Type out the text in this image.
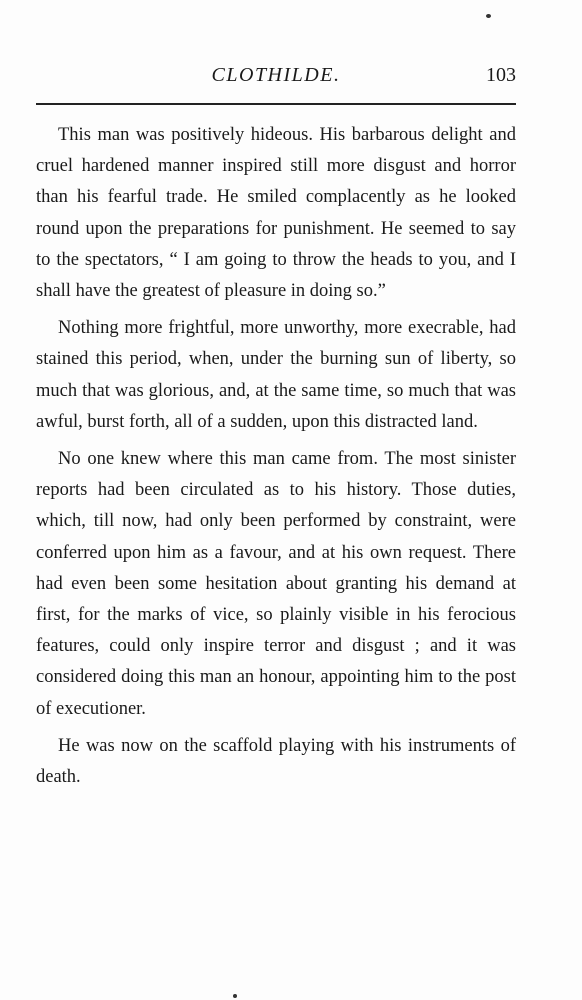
CLOTHILDE.	103

This man was positively hideous. His barbarous delight and cruel hardened manner inspired still more disgust and horror than his fearful trade. He smiled complacently as he looked round upon the preparations for punishment. He seemed to say to the spectators, “ I am going to throw the heads to you, and I shall have the greatest of pleasure in doing so.”

Nothing more frightful, more unworthy, more execrable, had stained this period, when, under the burning sun of liberty, so much that was glorious, and, at the same time, so much that was awful, burst forth, all of a sudden, upon this distracted land.

No one knew where this man came from. The most sinister reports had been circulated as to his history. Those duties, which, till now, had only been performed by constraint, were conferred upon him as a favour, and at his own request. There had even been some hesitation about granting his demand at first, for the marks of vice, so plainly visible in his ferocious features, could only inspire terror and disgust ; and it was considered doing this man an honour, appointing him to the post of executioner.

He was now on the scaffold playing with his instruments of death.
